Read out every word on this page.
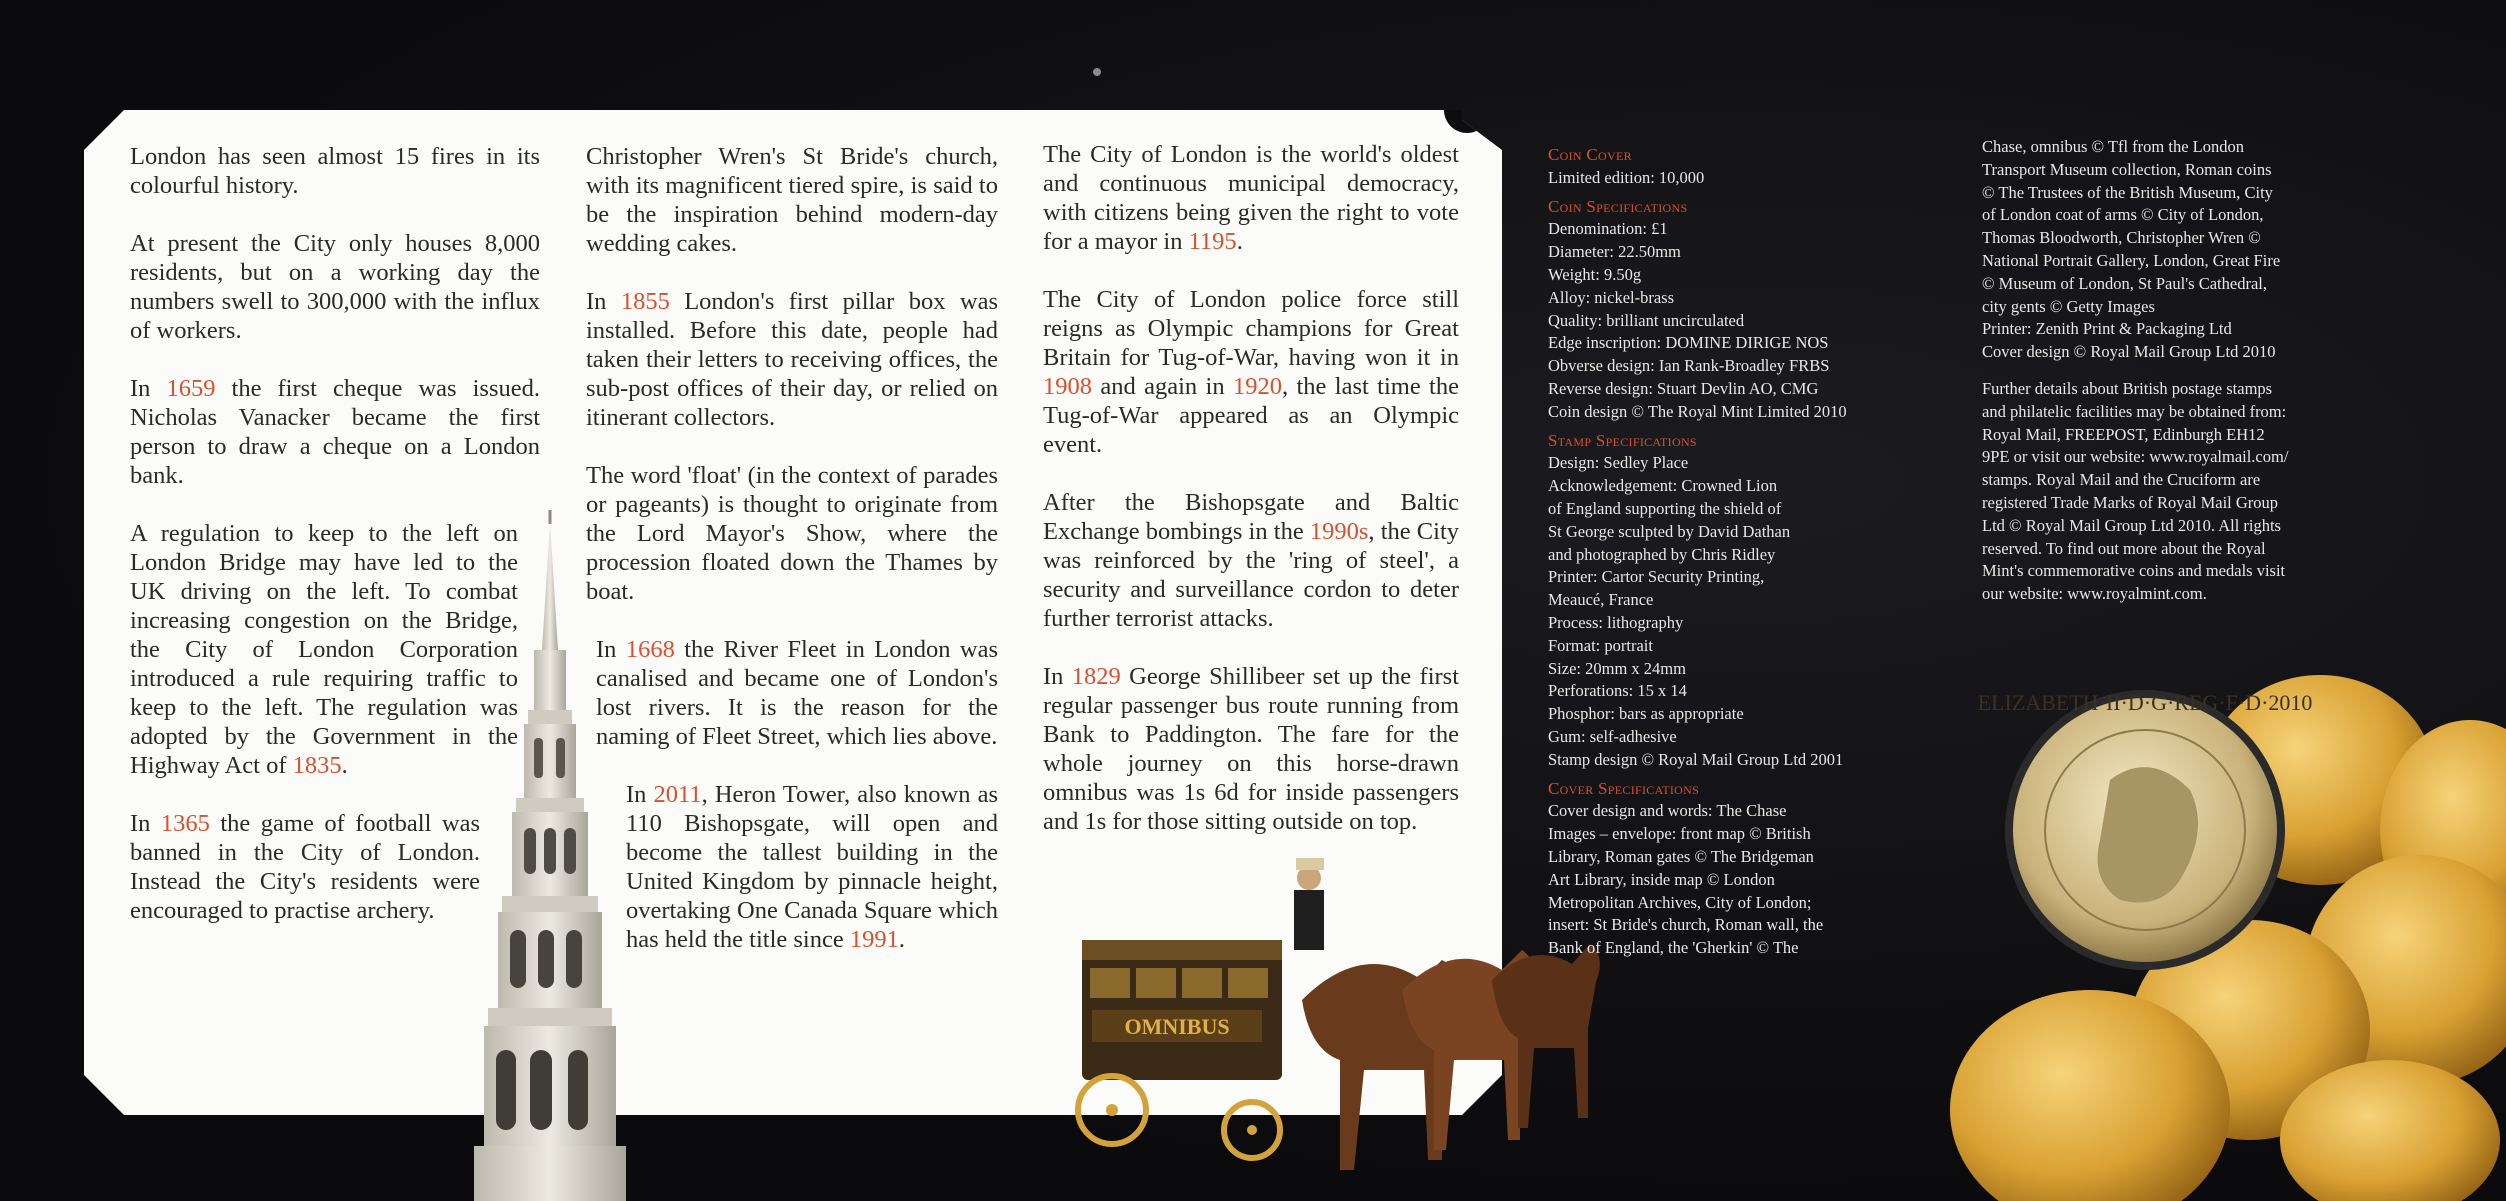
London has seen almost 15 fires in its colourful history.

At present the City only houses 8,000 residents, but on a working day the numbers swell to 300,000 with the influx of workers.

In 1659 the first cheque was issued. Nicholas Vanacker became the first person to draw a cheque on a London bank.

A regulation to keep to the left on London Bridge may have led to the UK driving on the left. To combat increasing congestion on the Bridge, the City of London Corporation introduced a rule requiring traffic to keep to the left. The regulation was adopted by the Government in the Highway Act of 1835.

In 1365 the game of football was banned in the City of London. Instead the City's residents were encouraged to practise archery.

Christopher Wren's St Bride's church, with its magnificent tiered spire, is said to be the inspiration behind modern-day wedding cakes.

In 1855 London's first pillar box was installed. Before this date, people had taken their letters to receiving offices, the sub-post offices of their day, or relied on itinerant collectors.

The word 'float' (in the context of parades or pageants) is thought to originate from the Lord Mayor's Show, where the procession floated down the Thames by boat.

In 1668 the River Fleet in London was canalised and became one of London's lost rivers. It is the reason for the naming of Fleet Street, which lies above.

In 2011, Heron Tower, also known as 110 Bishopsgate, will open and become the tallest building in the United Kingdom by pinnacle height, overtaking One Canada Square which has held the title since 1991.

The City of London is the world's oldest and continuous municipal democracy, with citizens being given the right to vote for a mayor in 1195.

The City of London police force still reigns as Olympic champions for Great Britain for Tug-of-War, having won it in 1908 and again in 1920, the last time the Tug-of-War appeared as an Olympic event.

After the Bishopsgate and Baltic Exchange bombings in the 1990s, the City was reinforced by the 'ring of steel', a security and surveillance cordon to deter further terrorist attacks.

In 1829 George Shillibeer set up the first regular passenger bus route running from Bank to Paddington. The fare for the whole journey on this horse-drawn omnibus was 1s 6d for inside passengers and 1s for those sitting outside on top.

OMNIBUS
ELIZABETH·II·D·G·REG·F·D·2010
Coin Cover
Limited edition: 10,000
Coin Specifications
Denomination: £1
Diameter: 22.50mm
Weight: 9.50g
Alloy: nickel-brass
Quality: brilliant uncirculated
Edge inscription: DOMINE DIRIGE NOS
Obverse design: Ian Rank-Broadley FRBS
Reverse design: Stuart Devlin AO, CMG
Coin design © The Royal Mint Limited 2010
Stamp Specifications
Design: Sedley Place
Acknowledgement: Crowned Lion
of England supporting the shield of
St George sculpted by David Dathan
and photographed by Chris Ridley
Printer: Cartor Security Printing,
Meaucé, France
Process: lithography
Format: portrait
Size: 20mm x 24mm
Perforations: 15 x 14
Phosphor: bars as appropriate
Gum: self-adhesive
Stamp design © Royal Mail Group Ltd 2001
Cover Specifications
Cover design and words: The Chase
Images – envelope: front map © British
Library, Roman gates © The Bridgeman
Art Library, inside map © London
Metropolitan Archives, City of London;
insert: St Bride's church, Roman wall, the
Bank of England, the 'Gherkin' © The

Chase, omnibus © Tfl from the London
Transport Museum collection, Roman coins
© The Trustees of the British Museum, City
of London coat of arms © City of London,
Thomas Bloodworth, Christopher Wren ©
National Portrait Gallery, London, Great Fire
© Museum of London, St Paul's Cathedral,
city gents © Getty Images
Printer: Zenith Print & Packaging Ltd
Cover design © Royal Mail Group Ltd 2010

Further details about British postage stamps
and philatelic facilities may be obtained from:
Royal Mail, FREEPOST, Edinburgh EH12
9PE or visit our website: www.royalmail.com/
stamps. Royal Mail and the Cruciform are
registered Trade Marks of Royal Mail Group
Ltd © Royal Mail Group Ltd 2010. All rights
reserved. To find out more about the Royal
Mint's commemorative coins and medals visit
our website: www.royalmint.com.
